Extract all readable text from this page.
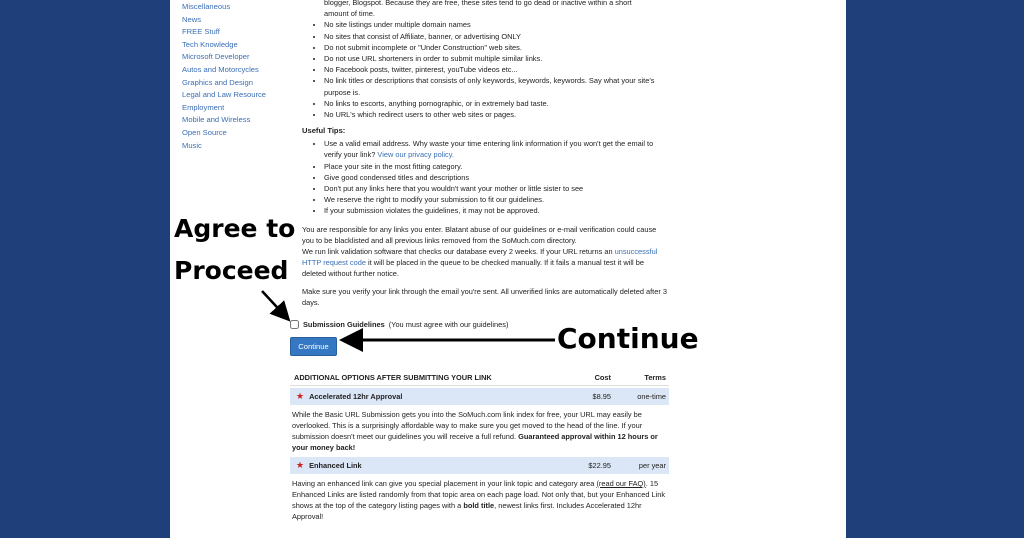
Miscellaneous
News
FREE Stuff
Tech Knowledge
Microsoft Developer
Autos and Motorcycles
Graphics and Design
Legal and Law Resource
Employment
Mobile and Wireless
Open Source
Music
blogger, Blogspot. Because they are free, these sites tend to go dead or inactive within a short
amount of time.
• No site listings under multiple domain names
• No sites that consist of Affiliate, banner, or advertising ONLY
• Do not submit incomplete or "Under Construction" web sites.
• Do not use URL shorteners in order to submit multiple similar links.
• No Facebook posts, twitter, pinterest, youTube videos etc...
• No link titles or descriptions that consists of only keywords, keywords, keywords. Say what your site's purpose is.
• No links to escorts, anything pornographic, or in extremely bad taste.
• No URL's which redirect users to other web sites or pages.
Useful Tips:
• Use a valid email address. Why waste your time entering link information if you won't get the email to verify your link? View our privacy policy.
• Place your site in the most fitting category.
• Give good condensed titles and descriptions
• Don't put any links here that you wouldn't want your mother or little sister to see
• We reserve the right to modify your submission to fit our guidelines.
• If your submission violates the guidelines, it may not be approved.

You are responsible for any links you enter. Blatant abuse of our guidelines or e-mail verification could cause you to be blacklisted and all previous links removed from the SoMuch.com directory.

We run link validation software that checks our database every 2 weeks. If your URL returns an unsuccessful HTTP request code it will be placed in the queue to be checked manually. If it fails a manual test it will be deleted without further notice.

Make sure you verify your link through the email you're sent. All unverified links are automatically deleted after 3 days.

Submission Guidelines (You must agree with our guidelines)
Continue
ADDITIONAL OPTIONS AFTER SUBMITTING YOUR LINK	Cost	Terms
★ Accelerated 12hr Approval	$8.95	one-time
While the Basic URL Submission gets you into the SoMuch.com link index for free, your URL may easily be overlooked. This is a surprisingly affordable way to make sure you get moved to the head of the line. If your submission doesn't meet our guidelines you will receive a full refund. Guaranteed approval within 12 hours or your money back!
★ Enhanced Link	$22.95	per year
Having an enhanced link can give you special placement in your link topic and category area (read our FAQ). 15 Enhanced Links are listed randomly from that topic area on each page load. Not only that, but your Enhanced Link shows at the top of the category listing pages with a bold title, newest links first. Includes Accelerated 12hr Approval!
Agree to Proceed
Continue
